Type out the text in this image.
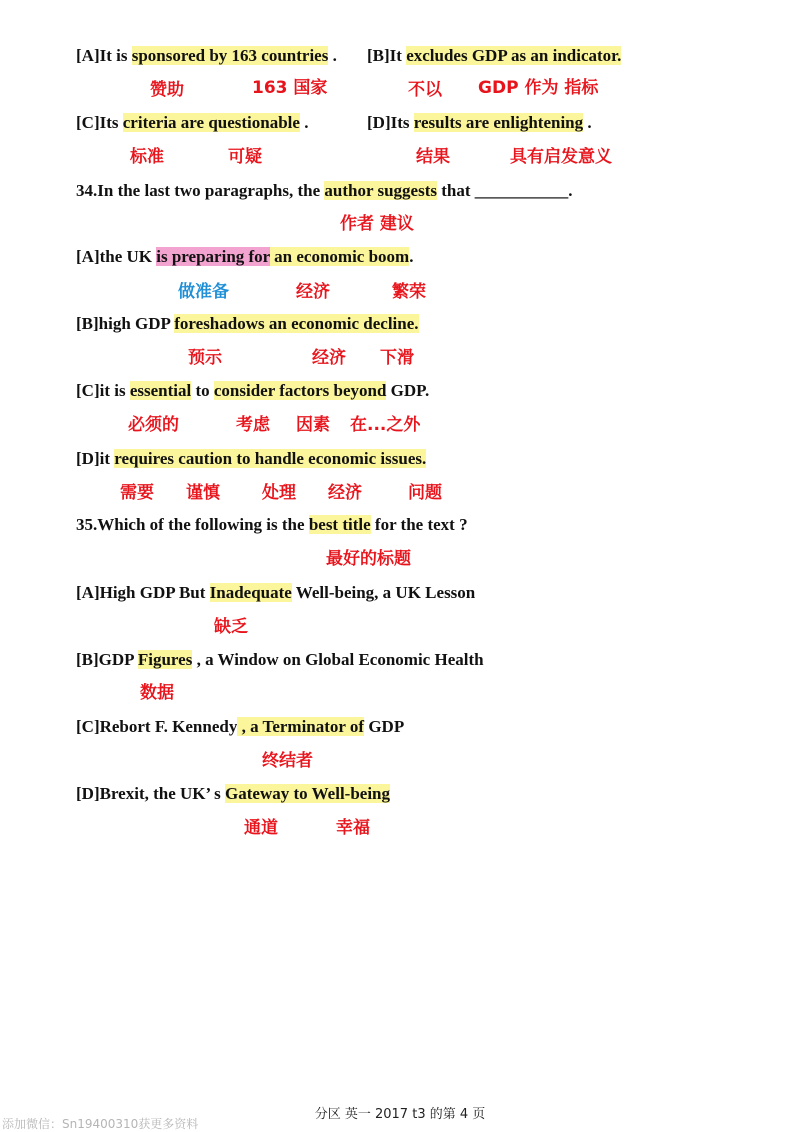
[A]It is sponsored by 163 countries . [B]It excludes GDP as an indicator.
赞助	163 国家	不以 GDP 作为 指标
[C]Its criteria are questionable .	[D]Its results are enlightening .
标准	可疑	结果	具有启发意义
34.In the last two paragraphs, the author suggests that ___________.
作者 建议
[A]the UK is preparing for an economic boom.
做准备	经济	繁荣
[B]high GDP foreshadows an economic decline.
预示	经济 下滑
[C]it is essential to consider factors beyond GDP.
必须的	考虑 因素 在...之外
[D]it requires caution to handle economic issues.
需要 谨慎 处理 经济	问题
35.Which of the following is the best title for the text ?
最好的标题
[A]High GDP But Inadequate Well-being, a UK Lesson
缺乏
[B]GDP Figures , a Window on Global Economic Health
数据
[C]Rebort F. Kennedy , a Terminator of GDP
终结者
[D]Brexit, the UK’ s Gateway to Well-being
通道	幸福
分区 英一 2017 t3 的第 4 页
添加微信：Sn19400310获更多资料
